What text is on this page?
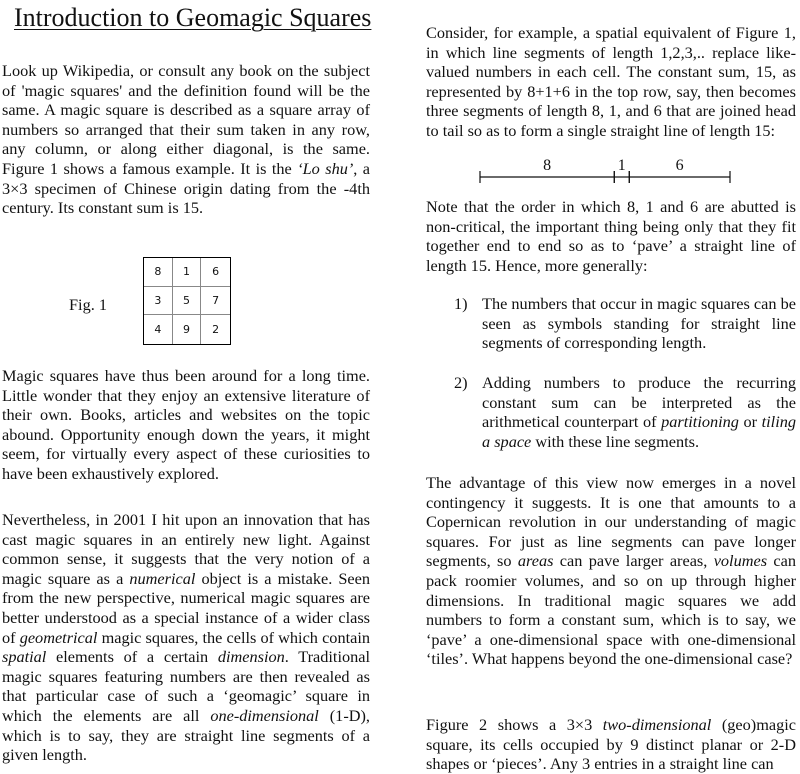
Introduction to Geomagic Squares

Look up Wikipedia, or consult any book on the subject of 'magic squares' and the definition found will be the same. A magic square is described as a square array of numbers so arranged that their sum taken in any row, any column, or along either diagonal, is the same. Figure 1 shows a famous example. It is the ‘Lo shu’, a 3×3 specimen of Chinese origin dating from the -4th century. Its constant sum is 15.

Fig. 1
8	1	6
3	5	7
4	9	2

Magic squares have thus been around for a long time. Little wonder that they enjoy an extensive literature of their own. Books, articles and websites on the topic abound. Opportunity enough down the years, it might seem, for virtually every aspect of these curiosities to have been exhaustively explored.

Nevertheless, in 2001 I hit upon an innovation that has cast magic squares in an entirely new light. Against common sense, it suggests that the very notion of a magic square as a numerical object is a mistake. Seen from the new perspective, numerical magic squares are better understood as a special instance of a wider class of geometrical magic squares, the cells of which contain spatial elements of a certain dimension. Traditional magic squares featuring numbers are then revealed as that particular case of such a ‘geomagic’ square in which the elements are all one-dimensional (1-D), which is to say, they are straight line segments of a given length.

Consider, for example, a spatial equivalent of Figure 1, in which line segments of length 1,2,3,.. replace like-valued numbers in each cell. The constant sum, 15, as represented by 8+1+6 in the top row, say, then becomes three segments of length 8, 1, and 6 that are joined head to tail so as to form a single straight line of length 15:

Note that the order in which 8, 1 and 6 are abutted is non-critical, the important thing being only that they fit together end to end so as to ‘pave’ a straight line of length 15. Hence, more generally:

1) The numbers that occur in magic squares can be seen as symbols standing for straight line segments of corresponding length.

2) Adding numbers to produce the recurring constant sum can be interpreted as the arithmetical counterpart of partitioning or tiling a space with these line segments.

The advantage of this view now emerges in a novel contingency it suggests. It is one that amounts to a Copernican revolution in our understanding of magic squares. For just as line segments can pave longer segments, so areas can pave larger areas, volumes can pack roomier volumes, and so on up through higher dimensions. In traditional magic squares we add numbers to form a constant sum, which is to say, we ‘pave’ a one-dimensional space with one-dimensional ‘tiles’. What happens beyond the one-dimensional case?

Figure 2 shows a 3×3 two-dimensional (geo)magic square, its cells occupied by 9 distinct planar or 2-D shapes or ‘pieces’. Any 3 entries in a straight line can

8	1	6
